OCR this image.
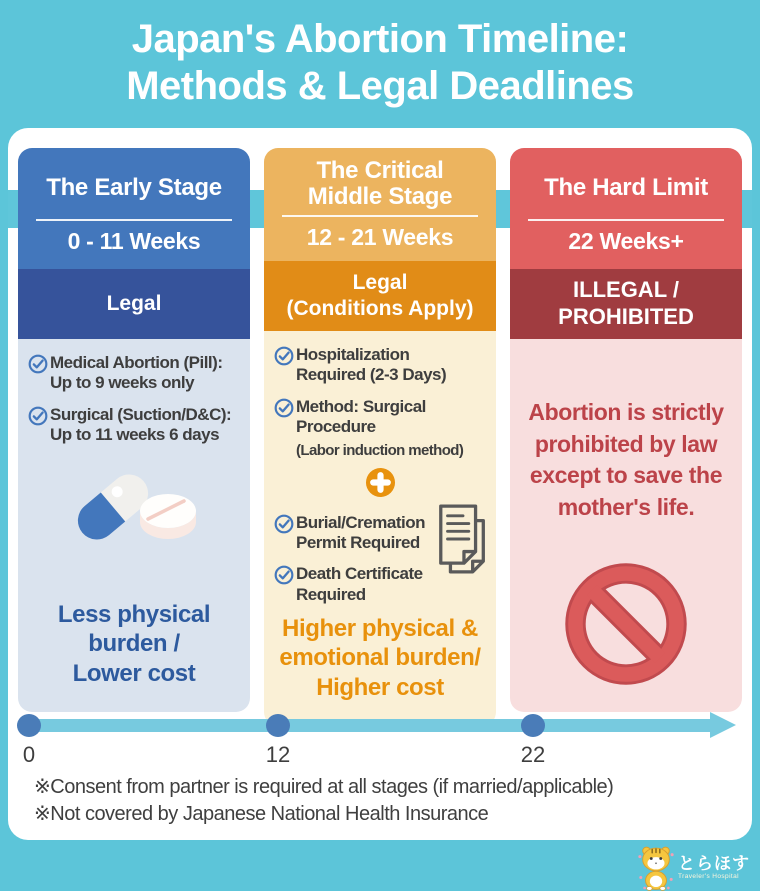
Japan's Abortion Timeline:
Methods & Legal Deadlines
The Early Stage
0 - 11 Weeks
Legal
Medical Abortion (Pill):
Up to 9 weeks only
Surgical (Suction/D&C):
Up to 11 weeks 6 days
Less physical
burden /
Lower cost
The Critical
Middle Stage
12 - 21 Weeks
Legal
(Conditions Apply)
Hospitalization
Required (2-3 Days)
Method: Surgical
Procedure
(Labor induction method)
Burial/Cremation
Permit Required
Death Certificate
Required
Higher physical &
emotional burden/
Higher cost
The Hard Limit
22 Weeks+
ILLEGAL /
PROHIBITED
Abortion is strictly
prohibited by law
except to save the
mother's life.
0	12	22
※Consent from partner is required at all stages (if married/applicable)
※Not covered by Japanese National Health Insurance
とらほす
Traveler's Hospital
